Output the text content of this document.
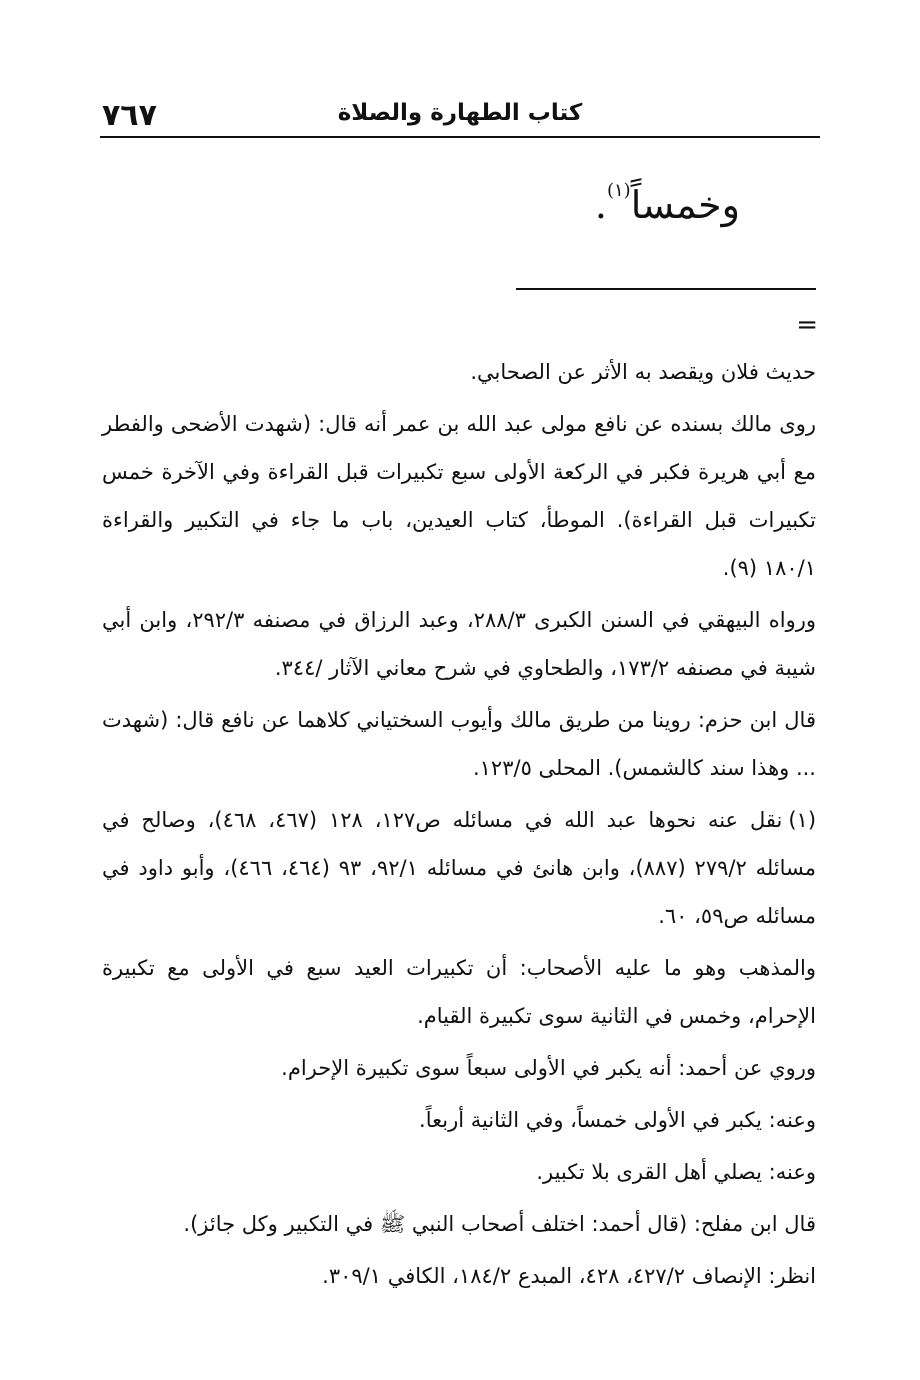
كتاب الطهارة والصلاة
٧٦٧
وخمساً$^{(١)}$.
=

حديث فلان ويقصد به الأثر عن الصحابي.

روى مالك بسنده عن نافع مولى عبد الله بن عمر أنه قال: (شهدت الأضحى والفطر مع أبي هريرة فكبر في الركعة الأولى سبع تكبيرات قبل القراءة وفي الآخرة خمس تكبيرات قبل القراءة). الموطأ، كتاب العيدين، باب ما جاء في التكبير والقراءة ١٨٠/١ (٩).

ورواه البيهقي في السنن الكبرى ٢٨٨/٣، وعبد الرزاق في مصنفه ٢٩٢/٣، وابن أبي شيبة في مصنفه ١٧٣/٢، والطحاوي في شرح معاني الآثار /٣٤٤.

قال ابن حزم: روينا من طريق مالك وأيوب السختياني كلاهما عن نافع قال: (شهدت ... وهذا سند كالشمس). المحلى ١٢٣/٥.

(١)نقل عنه نحوها عبد الله في مسائله ص١٢٧، ١٢٨ (٤٦٧، ٤٦٨)، وصالح في مسائله ٢٧٩/٢ (٨٨٧)، وابن هانئ في مسائله ٩٢/١، ٩٣ (٤٦٤، ٤٦٦)، وأبو داود في مسائله ص٥٩، ٦٠.

والمذهب وهو ما عليه الأصحاب: أن تكبيرات العيد سبع في الأولى مع تكبيرة الإحرام، وخمس في الثانية سوى تكبيرة القيام.

وروي عن أحمد: أنه يكبر في الأولى سبعاً سوى تكبيرة الإحرام.

وعنه: يكبر في الأولى خمساً، وفي الثانية أربعاً.

وعنه: يصلي أهل القرى بلا تكبير.

قال ابن مفلح: (قال أحمد: اختلف أصحاب النبي ﷺ في التكبير وكل جائز).

انظر: الإنصاف ٤٢٧/٢، ٤٢٨، المبدع ١٨٤/٢، الكافي ٣٠٩/١.
